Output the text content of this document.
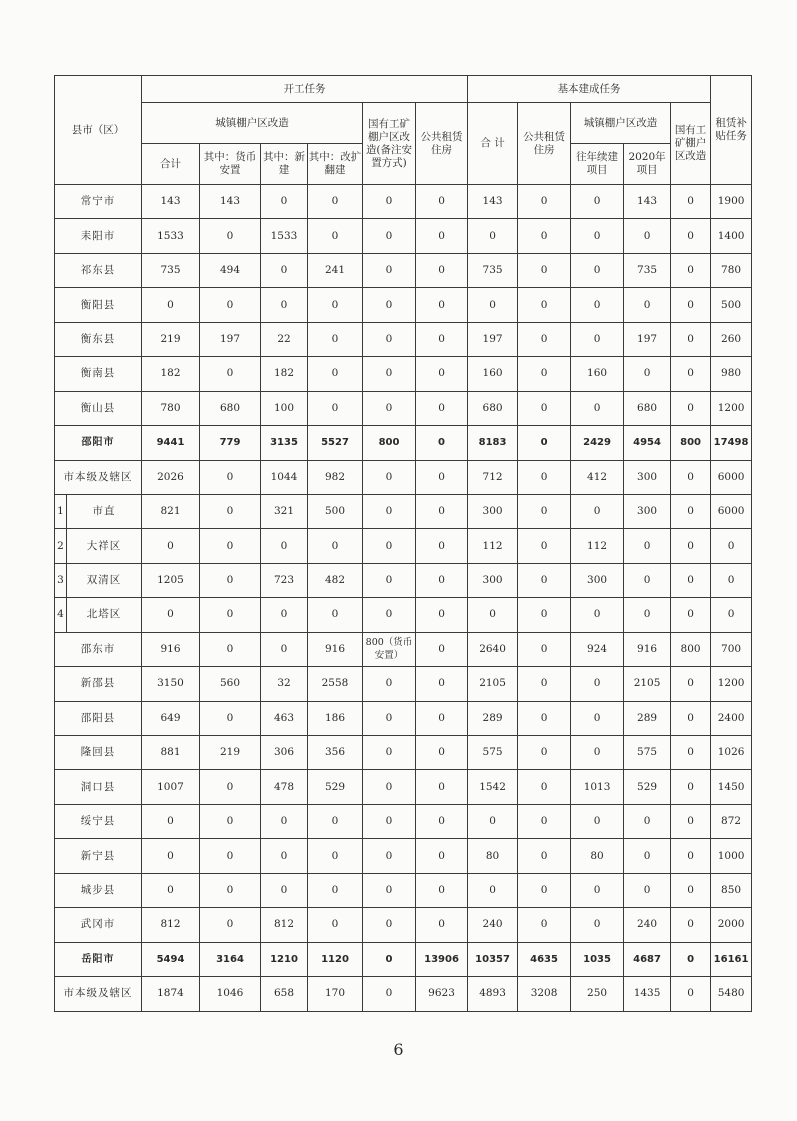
县市（区）		开工任务						基本建成任务					租赁补贴任务
		城镇棚户区改造				国有工矿棚户区改造(备注安置方式)	公共租赁住房	合 计	公共租赁住房	城镇棚户区改造		国有工矿棚户区改造	
		合计	其中：货币安置	其中：新 建	其中：改扩翻建					往年续建项目	2020年项目		
常宁市		143	143	0	0	0	0	143	0	0	143	0	1900
耒阳市		1533	0	1533	0	0	0	0	0	0	0	0	1400
祁东县		735	494	0	241	0	0	735	0	0	735	0	780
衡阳县		0	0	0	0	0	0	0	0	0	0	0	500
衡东县		219	197	22	0	0	0	197	0	0	197	0	260
衡南县		182	0	182	0	0	0	160	0	160	0	0	980
衡山县		780	680	100	0	0	0	680	0	0	680	0	1200
邵阳市		9441	779	3135	5527	800	0	8183	0	2429	4954	800	17498
市本级及辖区		2026	0	1044	982	0	0	712	0	412	300	0	6000
1	市直	821	0	321	500	0	0	300	0	0	300	0	6000
2	大祥区	0	0	0	0	0	0	112	0	112	0	0	0
3	双清区	1205	0	723	482	0	0	300	0	300	0	0	0
4	北塔区	0	0	0	0	0	0	0	0	0	0	0	0
邵东市		916	0	0	916	800（货币安置）	0	2640	0	924	916	800	700
新邵县		3150	560	32	2558	0	0	2105	0	0	2105	0	1200
邵阳县		649	0	463	186	0	0	289	0	0	289	0	2400
隆回县		881	219	306	356	0	0	575	0	0	575	0	1026
洞口县		1007	0	478	529	0	0	1542	0	1013	529	0	1450
绥宁县		0	0	0	0	0	0	0	0	0	0	0	872
新宁县		0	0	0	0	0	0	80	0	80	0	0	1000
城步县		0	0	0	0	0	0	0	0	0	0	0	850
武冈市		812	0	812	0	0	0	240	0	0	240	0	2000
岳阳市		5494	3164	1210	1120	0	13906	10357	4635	1035	4687	0	16161
市本级及辖区		1874	1046	658	170	0	9623	4893	3208	250	1435	0	5480
6
